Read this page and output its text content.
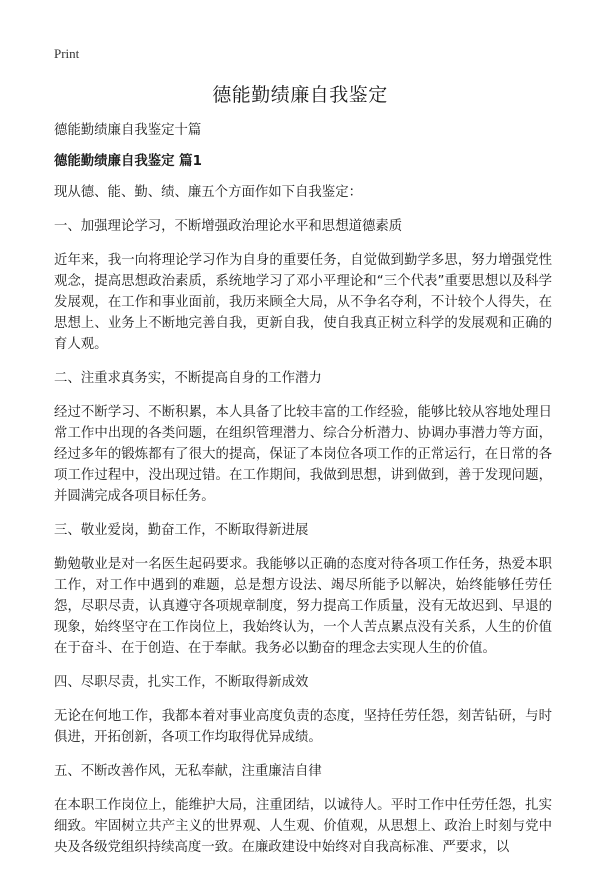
Print
德能勤绩廉自我鉴定

德能勤绩廉自我鉴定十篇

德能勤绩廉自我鉴定 篇1

现从德、能、勤、绩、廉五个方面作如下自我鉴定：

一、加强理论学习，不断增强政治理论水平和思想道德素质

近年来，我一向将理论学习作为自身的重要任务，自觉做到勤学多思，努力增强党性观念，提高思想政治素质，系统地学习了邓小平理论和“三个代表”重要思想以及科学发展观，在工作和事业面前，我历来顾全大局，从不争名夺利，不计较个人得失，在思想上、业务上不断地完善自我，更新自我，使自我真正树立科学的发展观和正确的育人观。

二、注重求真务实，不断提高自身的工作潜力

经过不断学习、不断积累，本人具备了比较丰富的工作经验，能够比较从容地处理日常工作中出现的各类问题，在组织管理潜力、综合分析潜力、协调办事潜力等方面，经过多年的锻炼都有了很大的提高，保证了本岗位各项工作的正常运行，在日常的各项工作过程中，没出现过错。在工作期间，我做到思想，讲到做到，善于发现问题，并圆满完成各项目标任务。

三、敬业爱岗，勤奋工作，不断取得新进展

勤勉敬业是对一名医生起码要求。我能够以正确的态度对待各项工作任务，热爱本职工作，对工作中遇到的难题，总是想方设法、竭尽所能予以解决，始终能够任劳任怨，尽职尽责，认真遵守各项规章制度，努力提高工作质量，没有无故迟到、早退的现象，始终坚守在工作岗位上，我始终认为，一个人苦点累点没有关系，人生的价值在于奋斗、在于创造、在于奉献。我务必以勤奋的理念去实现人生的价值。

四、尽职尽责，扎实工作，不断取得新成效

无论在何地工作，我都本着对事业高度负责的态度，坚持任劳任怨，刻苦钻研，与时俱进，开拓创新，各项工作均取得优异成绩。

五、不断改善作风，无私奉献，注重廉洁自律

在本职工作岗位上，能维护大局，注重团结，以诚待人。平时工作中任劳任怨，扎实细致。牢固树立共产主义的世界观、人生观、价值观，从思想上、政治上时刻与党中央及各级党组织持续高度一致。在廉政建设中始终对自我高标准、严要求，以
